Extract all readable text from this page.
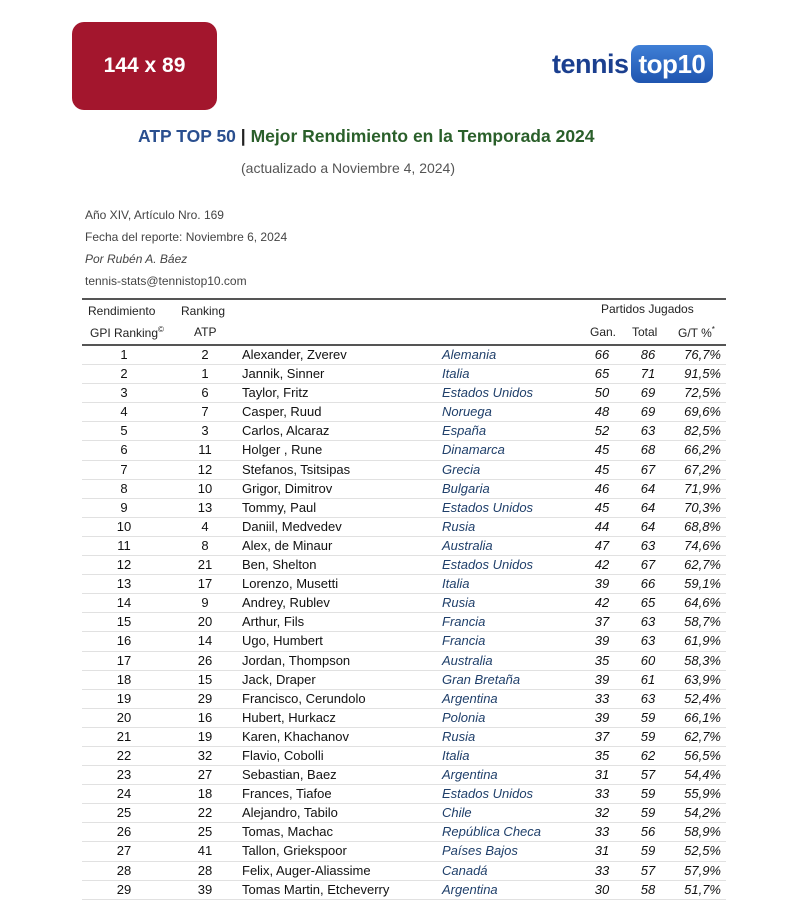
144 x 89	tennis top10
ATP TOP 50 | Mejor Rendimiento en la Temporada 2024
(actualizado a Noviembre 4, 2024)
Año XIV, Artículo Nro. 169
Fecha del reporte: Noviembre 6, 2024
Por Rubén A. Báez
tennis-stats@tennistop10.com
Rendimiento
GPI Ranking©
Ranking
ATP
Partidos Jugados
Gan. Total G/T %*
1	2	Alexander, Zverev	Alemania	66	86	76,7%
2	1	Jannik, Sinner	Italia	65	71	91,5%
3	6	Taylor, Fritz	Estados Unidos	50	69	72,5%
4	7	Casper, Ruud	Noruega	48	69	69,6%
5	3	Carlos, Alcaraz	España	52	63	82,5%
6	11	Holger , Rune	Dinamarca	45	68	66,2%
7	12	Stefanos, Tsitsipas	Grecia	45	67	67,2%
8	10	Grigor, Dimitrov	Bulgaria	46	64	71,9%
9	13	Tommy, Paul	Estados Unidos	45	64	70,3%
10	4	Daniil, Medvedev	Rusia	44	64	68,8%
11	8	Alex, de Minaur	Australia	47	63	74,6%
12	21	Ben, Shelton	Estados Unidos	42	67	62,7%
13	17	Lorenzo, Musetti	Italia	39	66	59,1%
14	9	Andrey, Rublev	Rusia	42	65	64,6%
15	20	Arthur, Fils	Francia	37	63	58,7%
16	14	Ugo, Humbert	Francia	39	63	61,9%
17	26	Jordan, Thompson	Australia	35	60	58,3%
18	15	Jack, Draper	Gran Bretaña	39	61	63,9%
19	29	Francisco, Cerundolo	Argentina	33	63	52,4%
20	16	Hubert, Hurkacz	Polonia	39	59	66,1%
21	19	Karen, Khachanov	Rusia	37	59	62,7%
22	32	Flavio, Cobolli	Italia	35	62	56,5%
23	27	Sebastian, Baez	Argentina	31	57	54,4%
24	18	Frances, Tiafoe	Estados Unidos	33	59	55,9%
25	22	Alejandro, Tabilo	Chile	32	59	54,2%
26	25	Tomas, Machac	República Checa	33	56	58,9%
27	41	Tallon, Griekspoor	Países Bajos	31	59	52,5%
28	28	Felix, Auger-Aliassime	Canadá	33	57	57,9%
29	39	Tomas Martin, Etcheverry	Argentina	30	58	51,7%
